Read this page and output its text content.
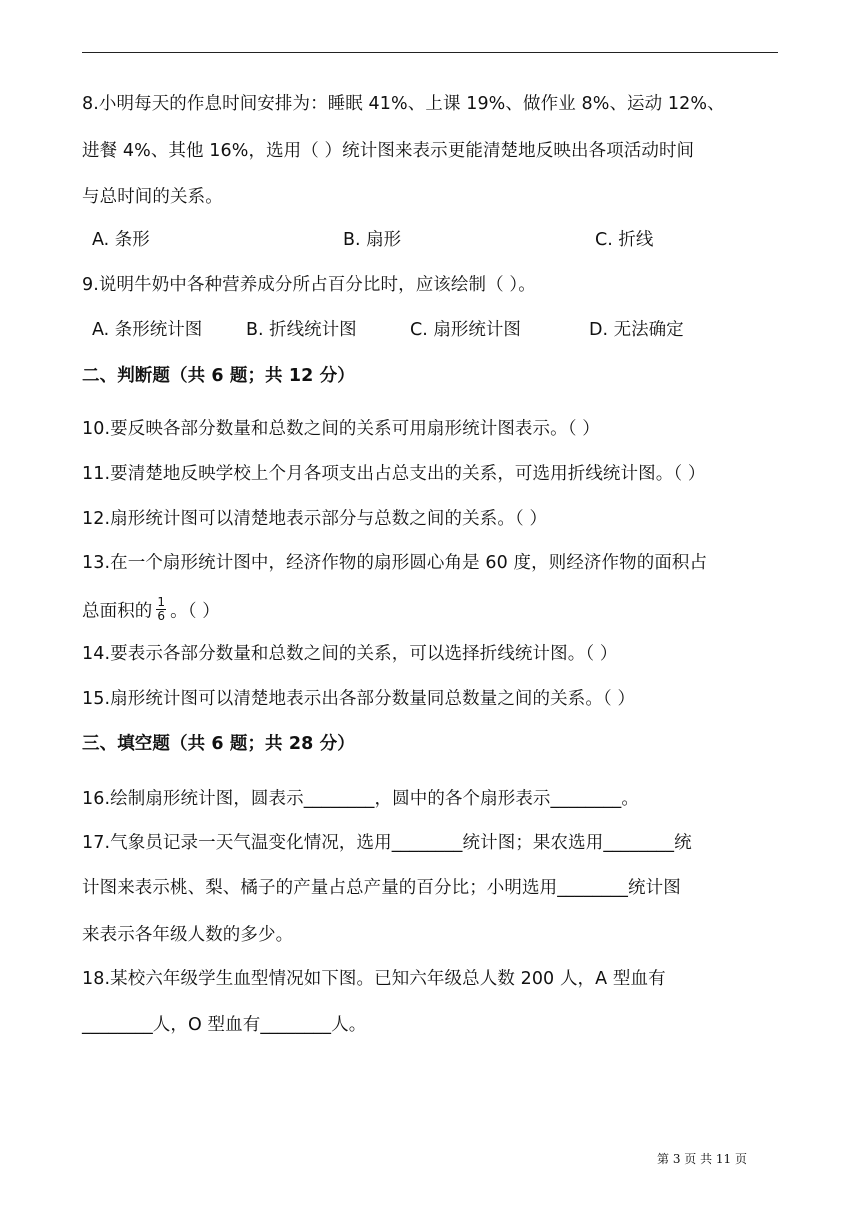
8.小明每天的作息时间安排为：睡眠 41%、上课 19%、做作业 8%、运动 12%、
进餐 4%、其他 16%，选用（ ）统计图来表示更能清楚地反映出各项活动时间
与总时间的关系。
A. 条形	B. 扇形	C. 折线
9.说明牛奶中各种营养成分所占百分比时，应该绘制（ ）。
A. 条形统计图 B. 折线统计图	C. 扇形统计图	D. 无法确定
二、判断题（共 6 题；共 12 分）
10.要反映各部分数量和总数之间的关系可用扇形统计图表示。（ ）
11.要清楚地反映学校上个月各项支出占总支出的关系，可选用折线统计图。（ ）
12.扇形统计图可以清楚地表示部分与总数之间的关系。（ ）
13.在一个扇形统计图中，经济作物的扇形圆心角是 60 度，则经济作物的面积占
总面积的 $\frac{1}{6}$ 。（ ）
14.要表示各部分数量和总数之间的关系，可以选择折线统计图。（ ）
15.扇形统计图可以清楚地表示出各部分数量同总数量之间的关系。（ ）
三、填空题（共 6 题；共 28 分）
16.绘制扇形统计图，圆表示________，圆中的各个扇形表示________。
17.气象员记录一天气温变化情况，选用________统计图；果农选用________统
计图来表示桃、梨、橘子的产量占总产量的百分比；小明选用________统计图
来表示各年级人数的多少。
18.某校六年级学生血型情况如下图。已知六年级总人数 200 人，A 型血有
________人，O 型血有________人。
第 3 页 共 11 页
